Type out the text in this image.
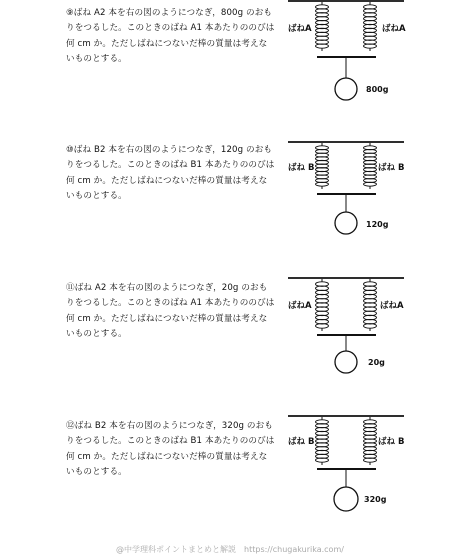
⑨ばね A2 本を右の図のようにつなぎ，800g のおもりをつるした。このときのばね A1 本あたりののびは何 cm か。ただしばねにつないだ棒の質量は考えないものとする。
ばねA	ばねA
800g
⑩ばね B2 本を右の図のようにつなぎ，120g のおもりをつるした。このときのばね B1 本あたりののびは何 cm か。ただしばねにつないだ棒の質量は考えないものとする。
ばね B	ばね B
120g
⑪ばね A2 本を右の図のようにつなぎ，20g のおもりをつるした。このときのばね A1 本あたりののびは何 cm か。ただしばねにつないだ棒の質量は考えないものとする。
ばねA	ばねA
20g
⑫ばね B2 本を右の図のようにつなぎ，320g のおもりをつるした。このときのばね B1 本あたりののびは何 cm か。ただしばねにつないだ棒の質量は考えないものとする。
ばね B	ばね B
320g
@中学理科ポイントまとめと解説　https://chugakurika.com/
